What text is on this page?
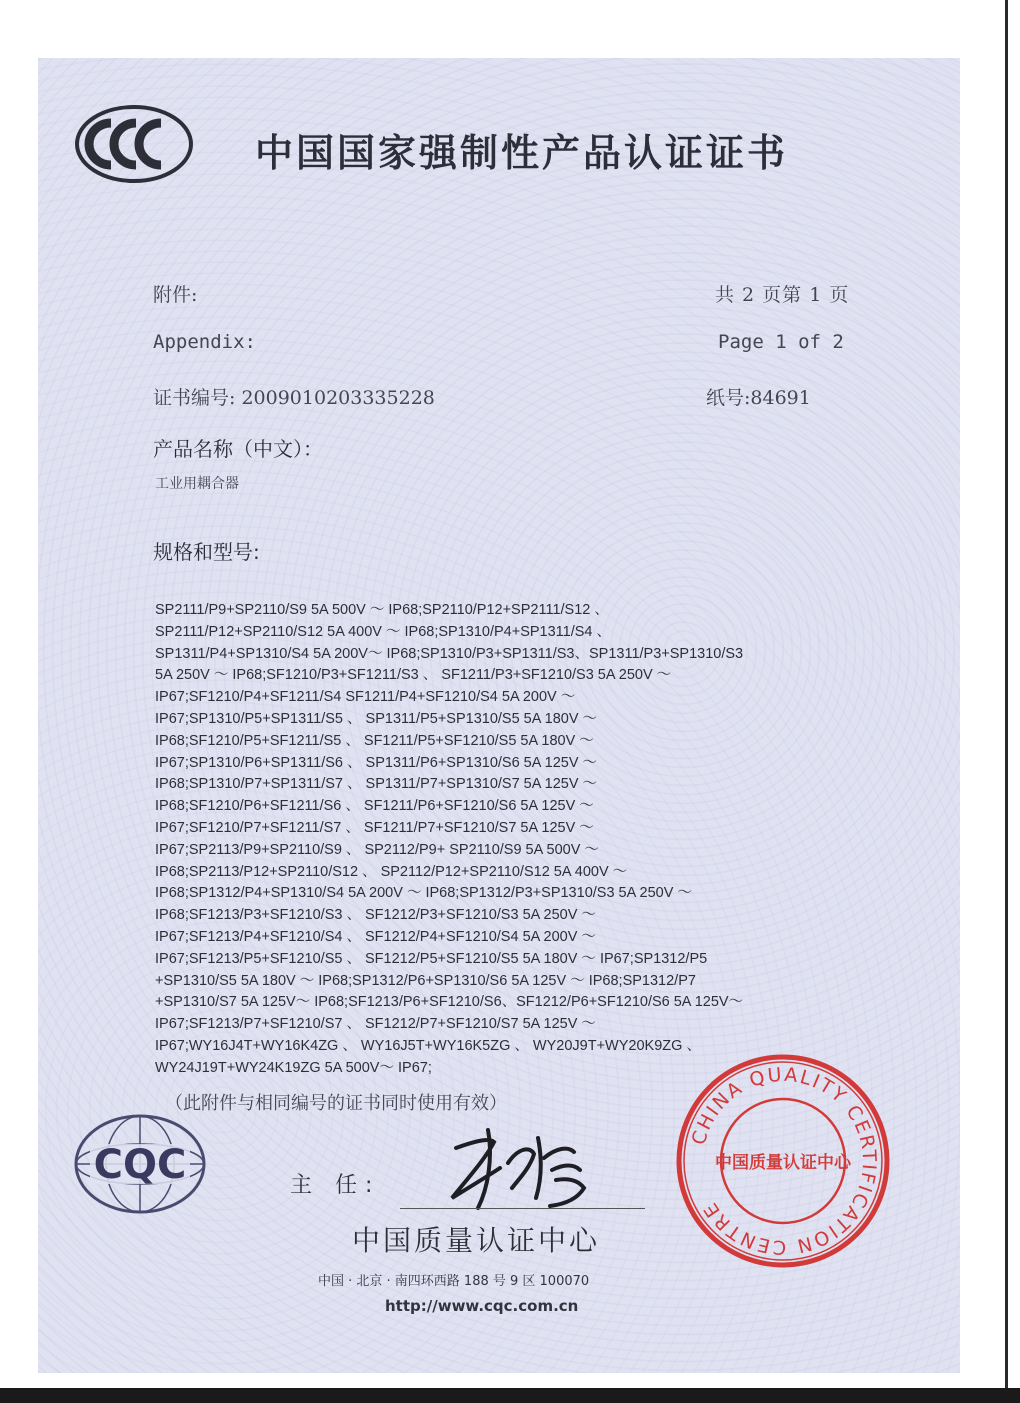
中国国家强制性产品认证证书
附件:	共 2 页第 1 页
Appendix:	Page 1 of 2
证书编号: 2009010203335228	纸号:84691
产品名称（中文）：
工业用耦合器
规格和型号:
SP2111/P9+SP2110/S9 5A 500V ～ IP68;SP2110/P12+SP2111/S12 、
SP2111/P12+SP2110/S12 5A 400V ～ IP68;SP1310/P4+SP1311/S4 、
SP1311/P4+SP1310/S4 5A 200V～ IP68;SP1310/P3+SP1311/S3、SP1311/P3+SP1310/S3
5A 250V ～ IP68;SF1210/P3+SF1211/S3 、 SF1211/P3+SF1210/S3 5A 250V ～
IP67;SF1210/P4+SF1211/S4 SF1211/P4+SF1210/S4 5A 200V ～
IP67;SP1310/P5+SP1311/S5 、 SP1311/P5+SP1310/S5 5A 180V ～
IP68;SF1210/P5+SF1211/S5 、 SF1211/P5+SF1210/S5 5A 180V ～
IP67;SP1310/P6+SP1311/S6 、 SP1311/P6+SP1310/S6 5A 125V ～
IP68;SP1310/P7+SP1311/S7 、 SP1311/P7+SP1310/S7 5A 125V ～
IP68;SF1210/P6+SF1211/S6 、 SF1211/P6+SF1210/S6 5A 125V ～
IP67;SF1210/P7+SF1211/S7 、 SF1211/P7+SF1210/S7 5A 125V ～
IP67;SP2113/P9+SP2110/S9 、 SP2112/P9+ SP2110/S9 5A 500V ～
IP68;SP2113/P12+SP2110/S12 、 SP2112/P12+SP2110/S12 5A 400V ～
IP68;SP1312/P4+SP1310/S4 5A 200V ～ IP68;SP1312/P3+SP1310/S3 5A 250V ～
IP68;SF1213/P3+SF1210/S3 、 SF1212/P3+SF1210/S3 5A 250V ～
IP67;SF1213/P4+SF1210/S4 、 SF1212/P4+SF1210/S4 5A 200V ～
IP67;SF1213/P5+SF1210/S5 、 SF1212/P5+SF1210/S5 5A 180V ～ IP67;SP1312/P5
+SP1310/S5 5A 180V ～ IP68;SP1312/P6+SP1310/S6 5A 125V ～ IP68;SP1312/P7
+SP1310/S7 5A 125V～ IP68;SF1213/P6+SF1210/S6、SF1212/P6+SF1210/S6 5A 125V～
IP67;SF1213/P7+SF1210/S7 、 SF1212/P7+SF1210/S7 5A 125V ～
IP67;WY16J4T+WY16K4ZG 、 WY16J5T+WY16K5ZG 、 WY20J9T+WY20K9ZG 、
WY24J19T+WY24K19ZG 5A 500V～ IP67;
（此附件与相同编号的证书同时使用有效）
CQC	主 任:
中国质量认证中心
中国 · 北京 · 南四环西路 188 号 9 区 100070
http://www.cqc.com.cn
CHINA QUALITY CERTIFICATION CENTRE
中国质量认证中心
